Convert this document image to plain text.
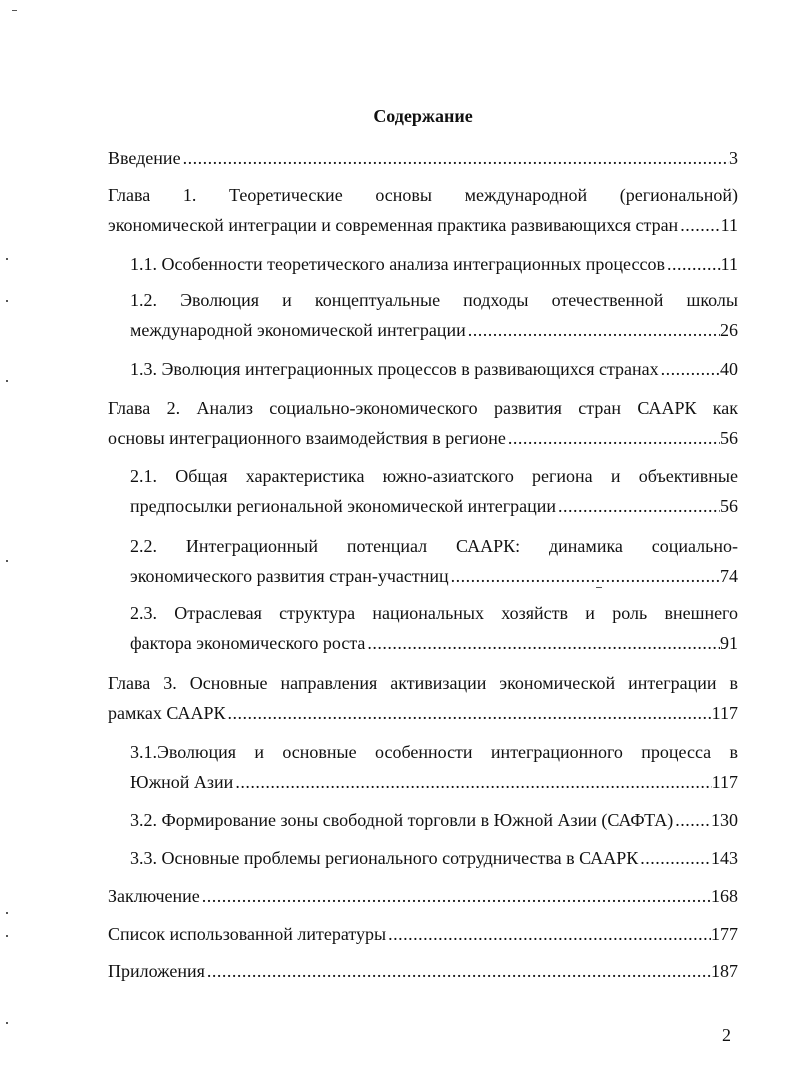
Содержание
Введение .....	3
Глава 1. Теоретические основы международной (региональной)
экономической интеграции и современная практика развивающихся стран ..... 11
1.1. Особенности теоретического анализа интеграционных процессов .....	11
1.2. Эволюция и концептуальные подходы отечественной школы
международной экономической интеграции .....	26
1.3. Эволюция интеграционных процессов в развивающихся странах .....	40
Глава 2. Анализ социально-экономического развития стран СААРК как
основы интеграционного взаимодействия в регионе .....	56
2.1. Общая характеристика южно-азиатского региона и объективные
предпосылки региональной экономической интеграции .....	56
2.2. Интеграционный потенциал СААРК: динамика социально-
экономического развития стран-участниц .....	74
2.3. Отраслевая структура национальных хозяйств и роль внешнего
фактора экономического роста .....	91
Глава 3. Основные направления активизации экономической интеграции в
рамках СААРК .....	117
3.1.Эволюция и основные особенности интеграционного процесса в
Южной Азии .....	117
3.2. Формирование зоны свободной торговли в Южной Азии (САФТА) ..... 130
3.3. Основные проблемы регионального сотрудничества в СААРК .....	143
Заключение .....	168
Список использованной литературы .....	177
Приложения .....	187
2
